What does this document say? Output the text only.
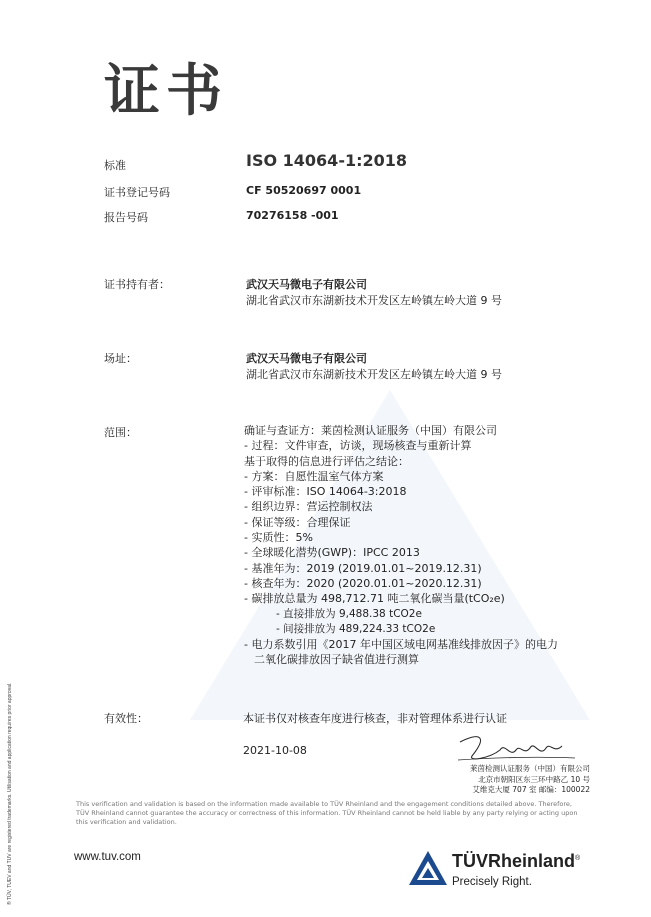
® TÜV, TUEV and TUV are registered trademarks. Utilisation and application requires prior approval.
证书
标准	ISO 14064-1:2018
证书登记号码	CF 50520697 0001
报告号码	70276158 -001
证书持有者：	武汉天马微电子有限公司
湖北省武汉市东湖新技术开发区左岭镇左岭大道 9 号
场址：	武汉天马微电子有限公司
湖北省武汉市东湖新技术开发区左岭镇左岭大道 9 号
范围：	确证与查证方：莱茵检测认证服务（中国）有限公司
- 过程：文件审查，访谈，现场核查与重新计算
基于取得的信息进行评估之结论：
- 方案：自愿性温室气体方案
- 评审标准：ISO 14064-3:2018
- 组织边界：营运控制权法
- 保证等级：合理保证
- 实质性：5%
- 全球暖化潜势(GWP)：IPCC 2013
- 基准年为：2019 (2019.01.01~2019.12.31)
- 核查年为：2020 (2020.01.01~2020.12.31)
- 碳排放总量为 498,712.71 吨二氧化碳当量(tCO₂e)
- 直接排放为 9,488.38 tCO2e
- 间接排放为 489,224.33 tCO2e
- 电力系数引用《2017 年中国区域电网基准线排放因子》的电力
二氧化碳排放因子缺省值进行测算
有效性：	本证书仅对核查年度进行核查，非对管理体系进行认证
2021-10-08
莱茵检测认证服务（中国）有限公司
北京市朝阳区东三环中路乙 10 号
艾维克大厦 707 室 邮编：100022
This verification and validation is based on the information made available to TÜV Rheinland and the engagement conditions detailed above. Therefore, TÜV Rheinland cannot guarantee the accuracy or correctness of this information. TÜV Rheinland cannot be held liable by any party relying or acting upon this verification and validation.
www.tuv.com	TÜVRheinland®
Precisely Right.
